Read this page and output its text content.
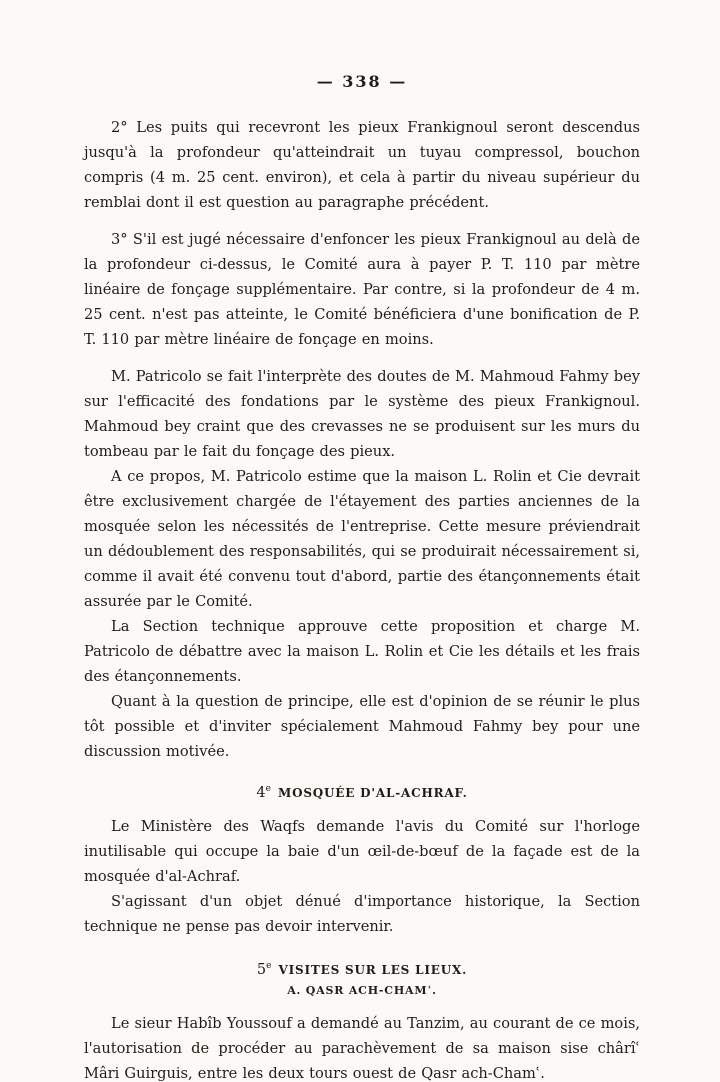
— 338 —

2° Les puits qui recevront les pieux Frankignoul seront descendus jusqu'à la profondeur qu'atteindrait un tuyau compressol, bouchon compris (4 m. 25 cent. environ), et cela à partir du niveau supérieur du remblai dont il est question au paragraphe précédent.

3° S'il est jugé nécessaire d'enfoncer les pieux Frankignoul au delà de la profondeur ci-dessus, le Comité aura à payer P. T. 110 par mètre linéaire de fonçage supplémentaire. Par contre, si la profondeur de 4 m. 25 cent. n'est pas atteinte, le Comité bénéficiera d'une bonification de P. T. 110 par mètre linéaire de fonçage en moins.

M. Patricolo se fait l'interprète des doutes de M. Mahmoud Fahmy bey sur l'efficacité des fondations par le système des pieux Frankignoul. Mahmoud bey craint que des crevasses ne se produisent sur les murs du tombeau par le fait du fonçage des pieux.

A ce propos, M. Patricolo estime que la maison L. Rolin et Cie devrait être exclusivement chargée de l'étayement des parties anciennes de la mosquée selon les nécessités de l'entreprise. Cette mesure préviendrait un dédoublement des responsabilités, qui se produirait nécessairement si, comme il avait été convenu tout d'abord, partie des étançonnements était assurée par le Comité.

La Section technique approuve cette proposition et charge M. Patricolo de débattre avec la maison L. Rolin et Cie les détails et les frais des étançonnements.

Quant à la question de principe, elle est d'opinion de se réunir le plus tôt possible et d'inviter spécialement Mahmoud Fahmy bey pour une discussion motivée.

4e MOSQUÉE D'AL-ACHRAF.

Le Ministère des Waqfs demande l'avis du Comité sur l'horloge inutilisable qui occupe la baie d'un œil-de-bœuf de la façade est de la mosquée d'al-Achraf.

S'agissant d'un objet dénué d'importance historique, la Section technique ne pense pas devoir intervenir.

5e VISITES SUR LES LIEUX.
A. QASR ACH-CHAMʿ.

Le sieur Habîb Youssouf a demandé au Tanzim, au courant de ce mois, l'autorisation de procéder au parachèvement de sa maison sise chârîʿ Mâri Guirguis, entre les deux tours ouest de Qasr ach-Chamʿ.
